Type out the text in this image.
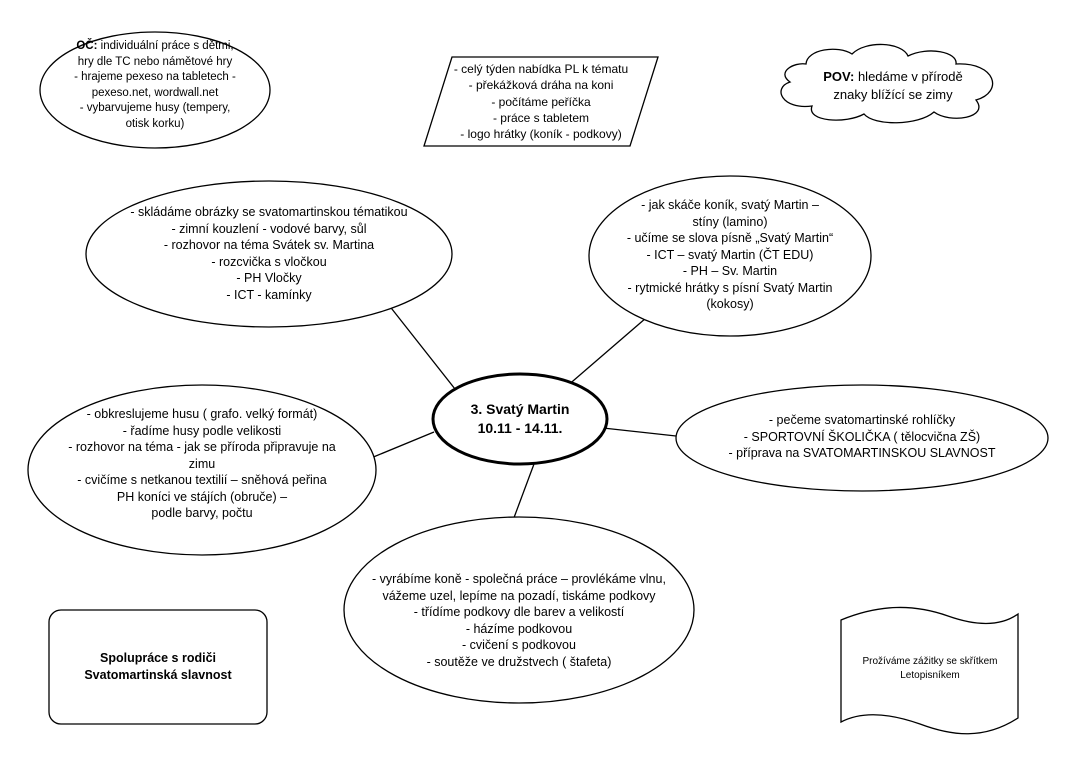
OČ: individuální práce s dětmi,
hry dle TC nebo námětové hry
- hrajeme pexeso na tabletech -
pexeso.net, wordwall.net
- vybarvujeme husy (tempery,
otisk korku)
- celý týden nabídka PL k tématu
- překážková dráha na koni
- počítáme peříčka
- práce s tabletem
- logo hrátky (koník - podkovy)
POV: hledáme v přírodě
znaky blížící se zimy
- skládáme obrázky se svatomartinskou tématikou
- zimní kouzlení - vodové barvy, sůl
- rozhovor na téma Svátek sv. Martina
- rozcvička s vločkou
- PH Vločky
- ICT - kamínky
- jak skáče koník, svatý Martin –
stíny (lamino)
- učíme se slova písně „Svatý Martin“
- ICT – svatý Martin (ČT EDU)
- PH – Sv. Martin
- rytmické hrátky s písní Svatý Martin
(kokosy)
- obkreslujeme husu ( grafo. velký formát)
- řadíme husy podle velikosti
- rozhovor na téma - jak se příroda připravuje na
zimu
- cvičíme s netkanou textilií – sněhová peřina
PH koníci ve stájích (obruče) –
podle barvy, počtu
3. Svatý Martin
10.11 - 14.11.	- pečeme svatomartinské rohlíčky
- SPORTOVNÍ ŠKOLIČKA ( tělocvična ZŠ)
- příprava na SVATOMARTINSKOU SLAVNOST
- vyrábíme koně - společná práce – provlékáme vlnu,
vážeme uzel, lepíme na pozadí, tiskáme podkovy
- třídíme podkovy dle barev a velikostí
- házíme podkovou
- cvičení s podkovou
- soutěže ve družstvech ( štafeta)
Spolupráce s rodiči
Svatomartinská slavnost
Prožíváme zážitky se skřítkem
Letopisníkem
